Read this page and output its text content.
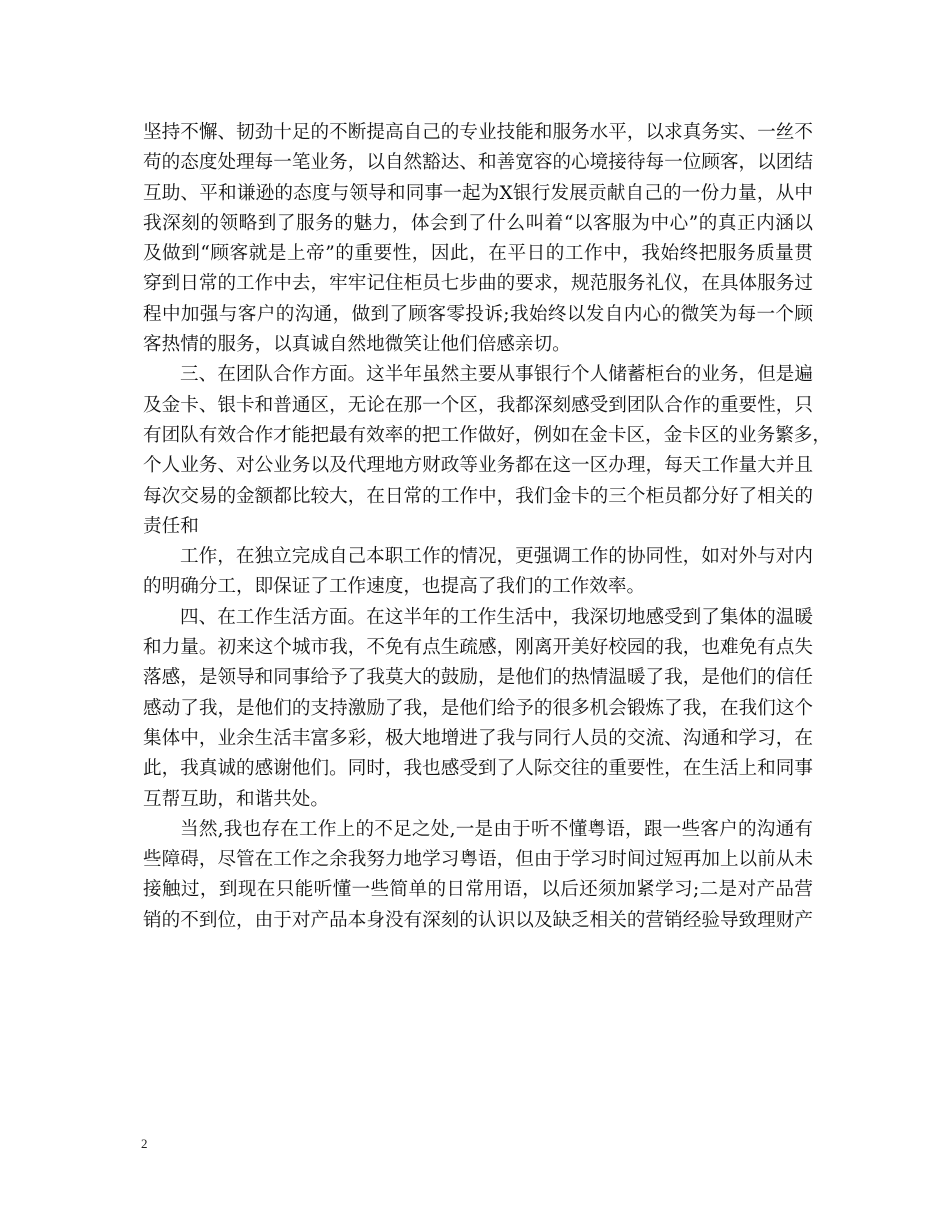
坚持不懈、韧劲十足的不断提高自己的专业技能和服务水平，以求真务实、一丝不
苟的态度处理每一笔业务，以自然豁达、和善宽容的心境接待每一位顾客，以团结
互助、平和谦逊的态度与领导和同事一起为X银行发展贡献自己的一份力量，从中
我深刻的领略到了服务的魅力，体会到了什么叫着“以客服为中心”的真正内涵以
及做到“顾客就是上帝”的重要性，因此，在平日的工作中，我始终把服务质量贯
穿到日常的工作中去，牢牢记住柜员七步曲的要求，规范服务礼仪，在具体服务过
程中加强与客户的沟通，做到了顾客零投诉;我始终以发自内心的微笑为每一个顾
客热情的服务，以真诚自然地微笑让他们倍感亲切。
三、在团队合作方面。这半年虽然主要从事银行个人储蓄柜台的业务，但是遍
及金卡、银卡和普通区，无论在那一个区，我都深刻感受到团队合作的重要性，只
有团队有效合作才能把最有效率的把工作做好，例如在金卡区，金卡区的业务繁多，
个人业务、对公业务以及代理地方财政等业务都在这一区办理，每天工作量大并且
每次交易的金额都比较大，在日常的工作中，我们金卡的三个柜员都分好了相关的
责任和
工作，在独立完成自己本职工作的情况，更强调工作的协同性，如对外与对内
的明确分工，即保证了工作速度，也提高了我们的工作效率。
四、在工作生活方面。在这半年的工作生活中，我深切地感受到了集体的温暖
和力量。初来这个城市我，不免有点生疏感，刚离开美好校园的我，也难免有点失
落感，是领导和同事给予了我莫大的鼓励，是他们的热情温暖了我，是他们的信任
感动了我，是他们的支持激励了我，是他们给予的很多机会锻炼了我，在我们这个
集体中，业余生活丰富多彩，极大地增进了我与同行人员的交流、沟通和学习，在
此，我真诚的感谢他们。同时，我也感受到了人际交往的重要性，在生活上和同事
互帮互助，和谐共处。
当然,我也存在工作上的不足之处,一是由于听不懂粤语，跟一些客户的沟通有
些障碍，尽管在工作之余我努力地学习粤语，但由于学习时间过短再加上以前从未
接触过，到现在只能听懂一些简单的日常用语，以后还须加紧学习;二是对产品营
销的不到位，由于对产品本身没有深刻的认识以及缺乏相关的营销经验导致理财产
2
